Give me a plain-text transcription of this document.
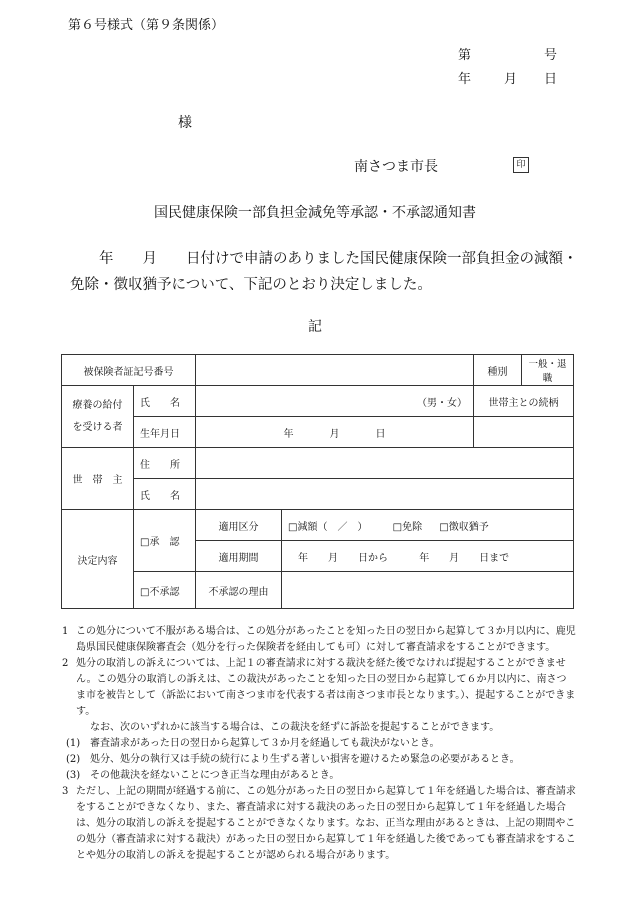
第６号様式（第９条関係）
第	号
年	月 日
様
南さつま市長	印
国民健康保険一部負担金減免等承認・不承認通知書
　　年　　月　　日付けで申請のありました国民健康保険一部負担金の減額・免除・徴収猶予について、下記のとおり決定しました。
記
被保険者証記号番号				種別	一般・退職

療養の給付
を受ける者	氏　　名	（男・女）		世帯主との続柄	
	生年月日	年 月 日			
世　帯　主	住　　所				
	氏　　名				
決定内容	□承　認	適用区分	□減額（　／　） □免除 □徴収猶予		
		適用期間	年　　月　　日から 年　　月　　日まで		
	□不承認	不承認の理由			

1 この処分について不服がある場合は、この処分があったことを知った日の翌日から起算して３か月以内に、鹿児島県国民健康保険審査会（処分を行った保険者を経由しても可）に対して審査請求をすることができます。

2 処分の取消しの訴えについては、上記１の審査請求に対する裁決を経た後でなければ提起することができません。この処分の取消しの訴えは、この裁決があったことを知った日の翌日から起算して６か月以内に、南さつま市を被告として（訴訟において南さつま市を代表する者は南さつま市長となります。）、提起することができます。

なお、次のいずれかに該当する場合は、この裁決を経ずに訴訟を提起することができます。

(1) 審査請求があった日の翌日から起算して３か月を経過しても裁決がないとき。

(2) 処分、処分の執行又は手続の続行により生ずる著しい損害を避けるため緊急の必要があるとき。

(3) その他裁決を経ないことにつき正当な理由があるとき。

3 ただし、上記の期間が経過する前に、この処分があった日の翌日から起算して１年を経過した場合は、審査請求をすることができなくなり、また、審査請求に対する裁決のあった日の翌日から起算して１年を経過した場合は、処分の取消しの訴えを提起することができなくなります。なお、正当な理由があるときは、上記の期間やこの処分（審査請求に対する裁決）があった日の翌日から起算して１年を経過した後であっても審査請求をすることや処分の取消しの訴えを提起することが認められる場合があります。
